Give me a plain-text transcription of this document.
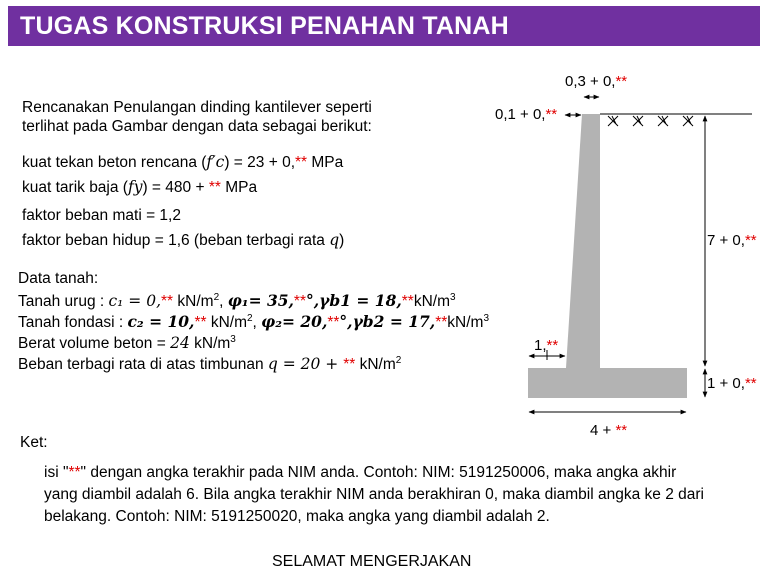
TUGAS KONSTRUKSI PENAHAN TANAH
Rencanakan Penulangan dinding kantilever seperti
terlihat pada Gambar dengan data sebagai berikut:
kuat tekan beton rencana (f′c) = 23 + 0,** MPa
kuat tarik baja (fy) = 480 + ** MPa
faktor beban mati = 1,2
faktor beban hidup = 1,6 (beban terbagi rata q)
Data tanah:
Tanah urug : c₁ = 0,** $kN/m^2$, $\varphi_1= 35,**^\circ,\gamma b1 = 18,**kN/m^3$
Tanah fondasi : c₂ = 10,** $kN/m^2$, $\varphi_2= 20,**^\circ,\gamma b2 = 17,**kN/m^3$
Berat volume beton = 24 $kN/m^3$
Beban terbagi rata di atas timbunan q = 20 + ** $kN/m^2$
0,3 + 0,**
0,1 + 0,**
7 + 0,**
1,**
1 + 0,**
4 + **
Ket:
isi "**" dengan angka terakhir pada NIM anda. Contoh: NIM: 5191250006, maka angka akhir yang diambil adalah 6. Bila angka terakhir NIM anda berakhiran 0, maka diambil angka ke 2 dari belakang. Contoh: NIM: 5191250020, maka angka yang diambil adalah 2.
SELAMAT MENGERJAKAN
